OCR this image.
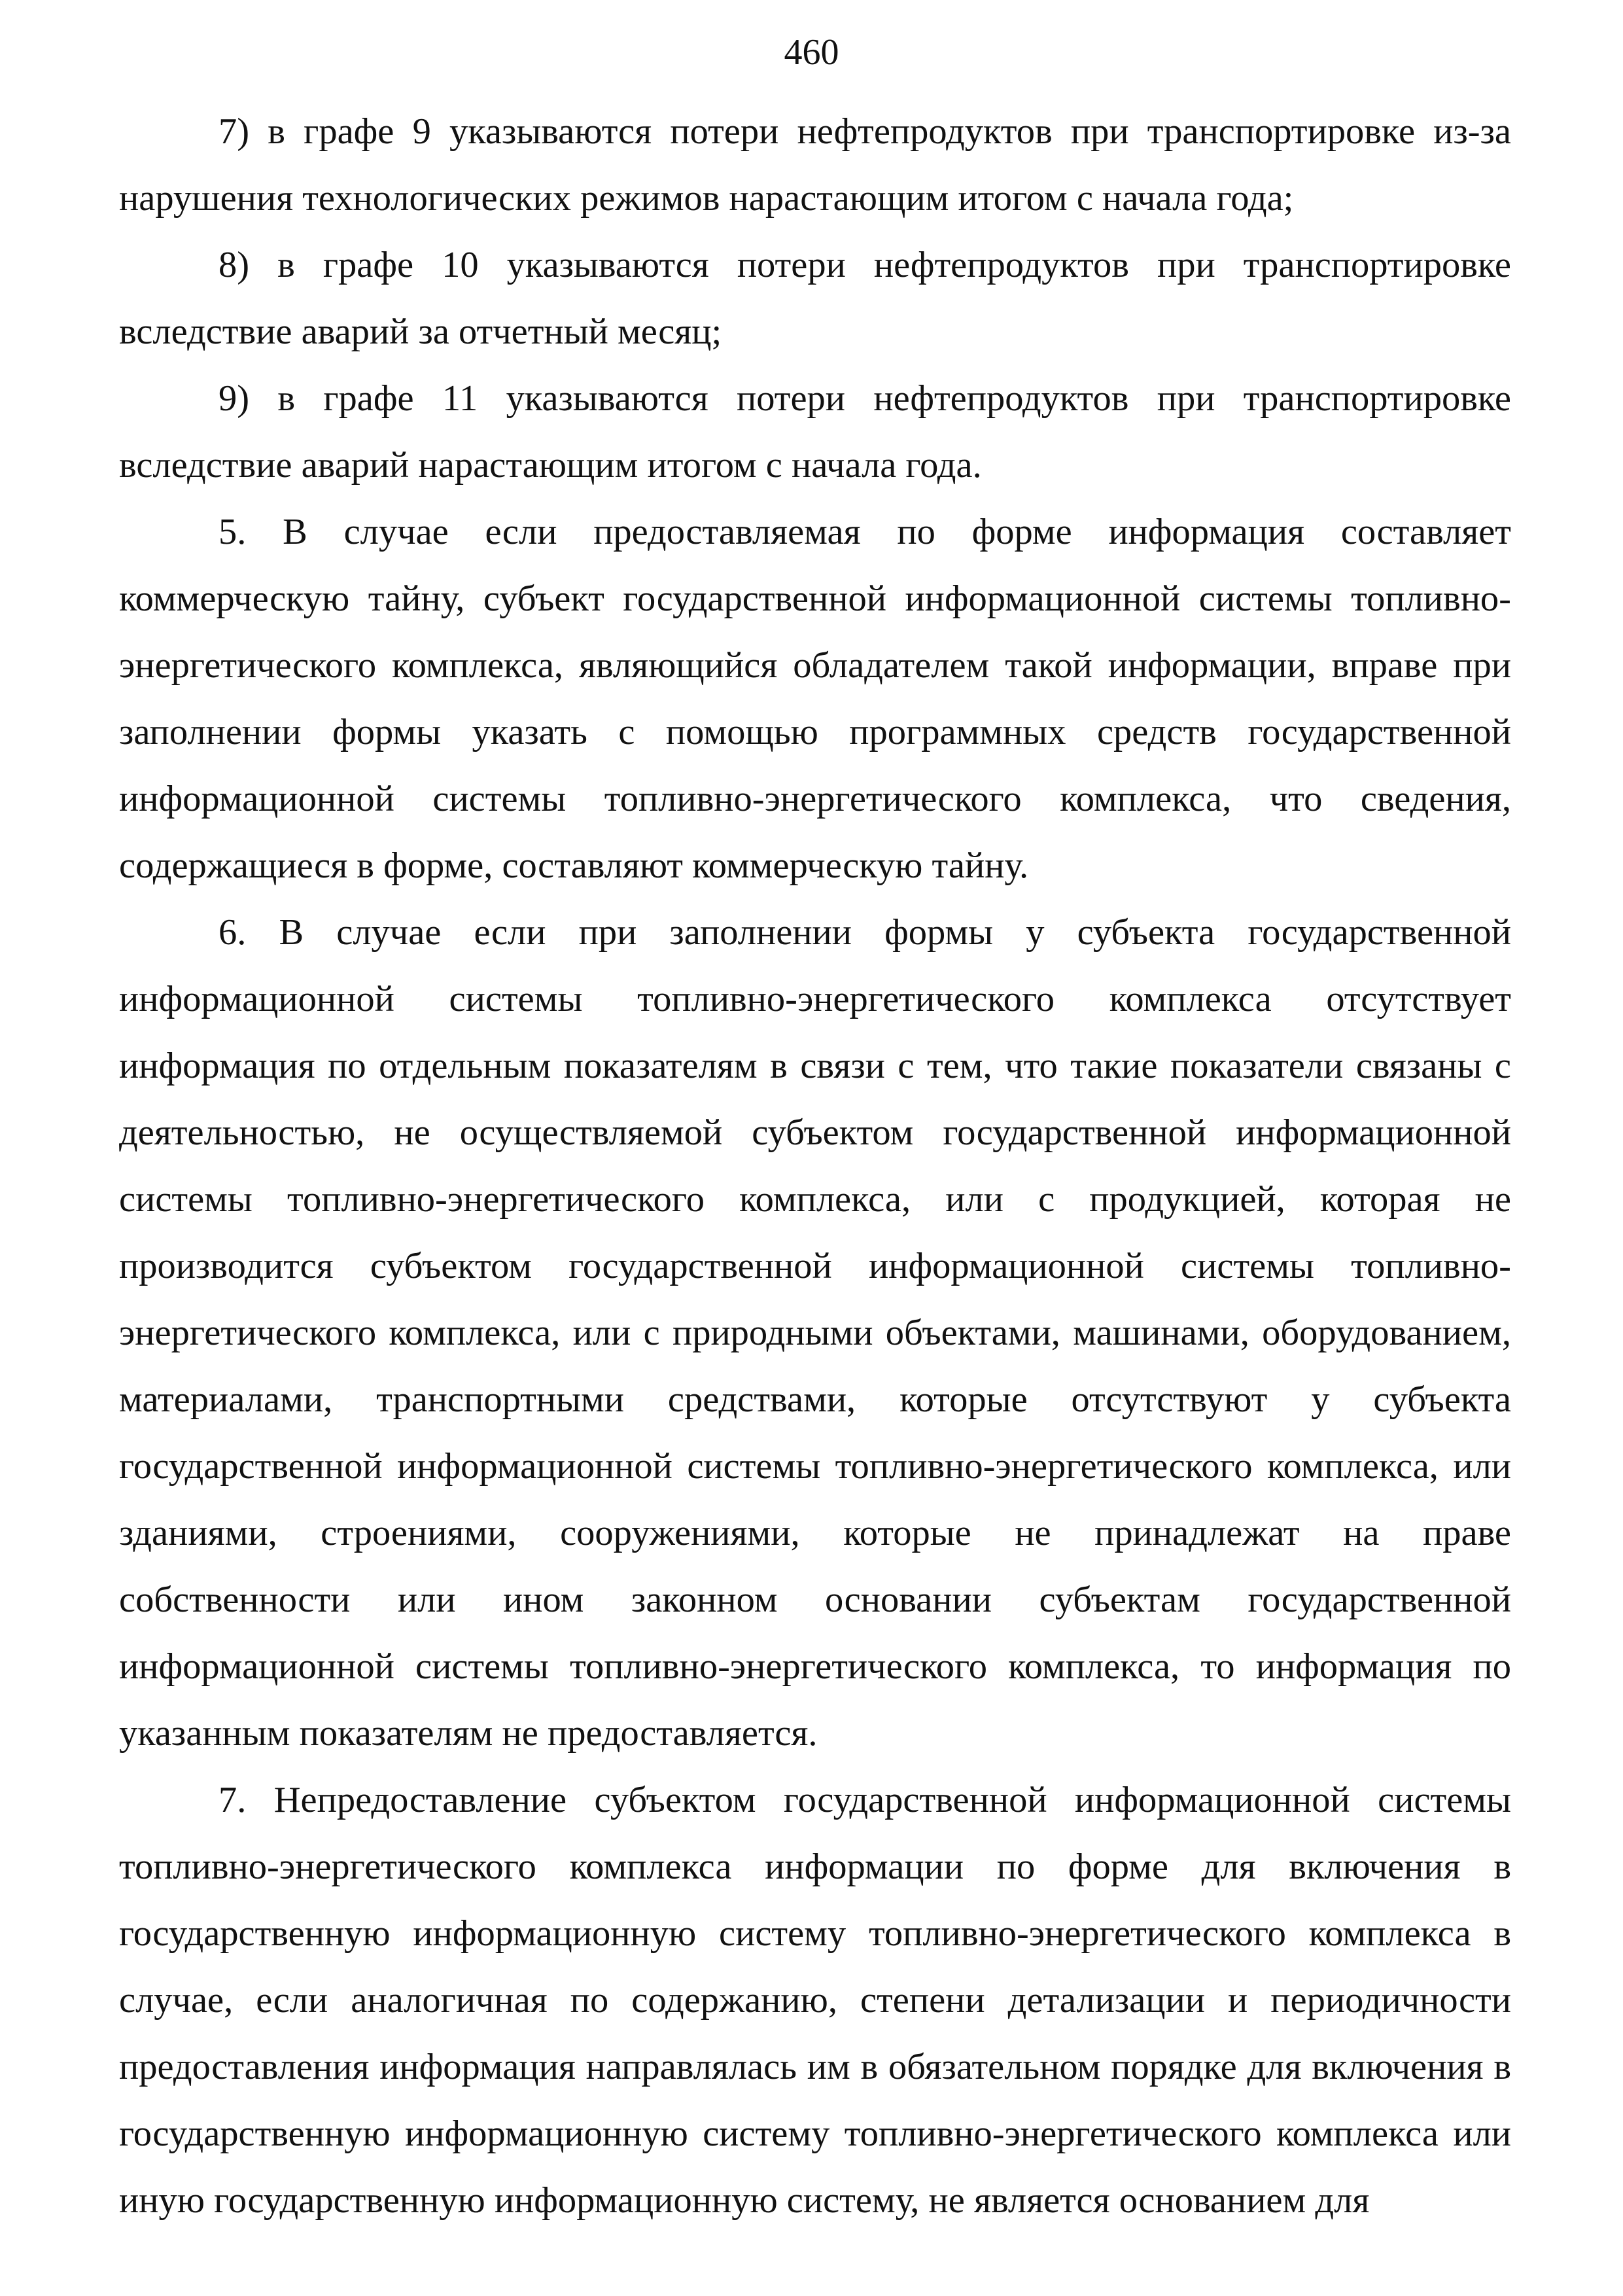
460

7) в графе 9 указываются потери нефтепродуктов при транспортировке из-за нарушения технологических режимов нарастающим итогом с начала года;

8) в графе 10 указываются потери нефтепродуктов при транспортировке вследствие аварий за отчетный месяц;

9) в графе 11 указываются потери нефтепродуктов при транспортировке вследствие аварий нарастающим итогом с начала года.

5. В случае если предоставляемая по форме информация составляет коммерческую тайну, субъект государственной информационной системы топливно-энергетического комплекса, являющийся обладателем такой информации, вправе при заполнении формы указать с помощью программных средств государственной информационной системы топливно-энергетического комплекса, что сведения, содержащиеся в форме, составляют коммерческую тайну.

6. В случае если при заполнении формы у субъекта государственной информационной системы топливно-энергетического комплекса отсутствует информация по отдельным показателям в связи с тем, что такие показатели связаны с деятельностью, не осуществляемой субъектом государственной информационной системы топливно-энергетического комплекса, или с продукцией, которая не производится субъектом государственной информационной системы топливно-энергетического комплекса, или с природными объектами, машинами, оборудованием, материалами, транспортными средствами, которые отсутствуют у субъекта государственной информационной системы топливно-энергетического комплекса, или зданиями, строениями, сооружениями, которые не принадлежат на праве собственности или ином законном основании субъектам государственной информационной системы топливно-энергетического комплекса, то информация по указанным показателям не предоставляется.

7. Непредоставление субъектом государственной информационной системы топливно-энергетического комплекса информации по форме для включения в государственную информационную систему топливно-энергетического комплекса в случае, если аналогичная по содержанию, степени детализации и периодичности предоставления информация направлялась им в обязательном порядке для включения в государственную информационную систему топливно-энергетического комплекса или иную государственную информационную систему, не является основанием для
